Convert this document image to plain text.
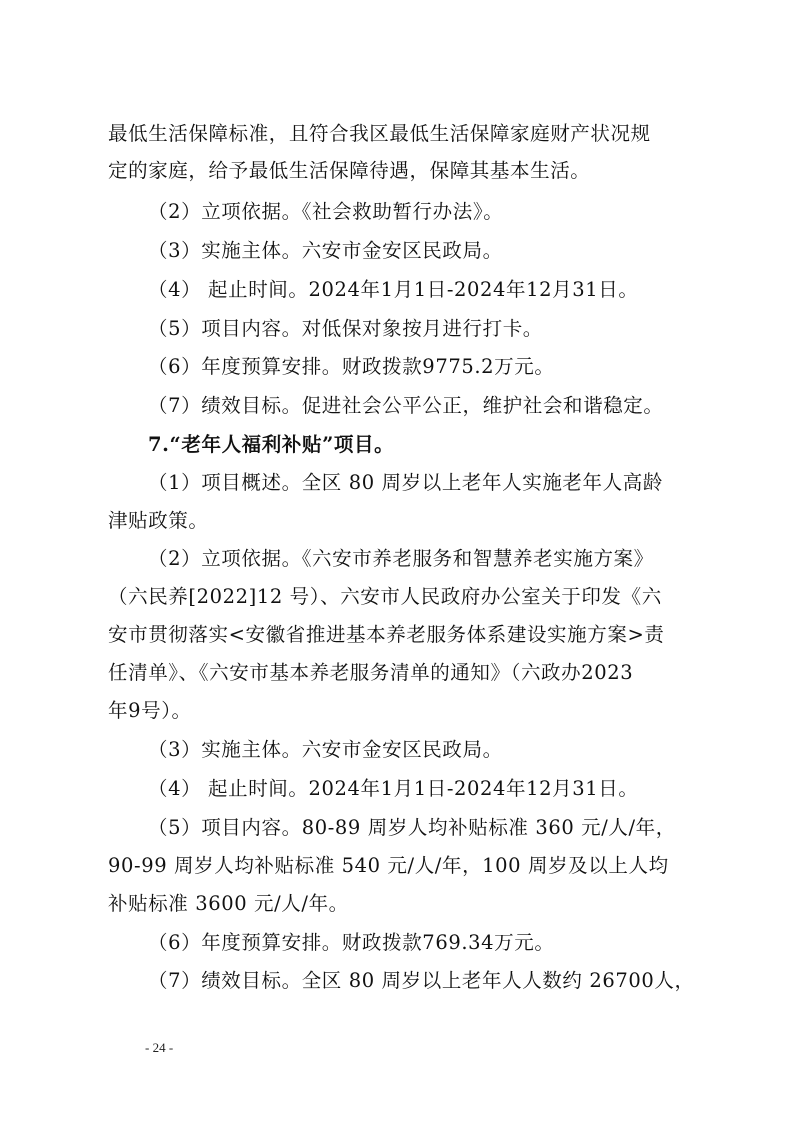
最低生活保障标准，且符合我区最低生活保障家庭财产状况规
定的家庭，给予最低生活保障待遇，保障其基本生活。
（2）立项依据。《社会救助暂行办法》。
（3）实施主体。六安市金安区民政局。
（4） 起止时间。2024年1月1日-2024年12月31日。
（5）项目内容。对低保对象按月进行打卡。
（6）年度预算安排。财政拨款9775.2万元。
（7）绩效目标。促进社会公平公正，维护社会和谐稳定。
7.“老年人福利补贴”项目。
（1）项目概述。全区 80 周岁以上老年人实施老年人高龄
津贴政策。
（2）立项依据。《六安市养老服务和智慧养老实施方案》
（六民养[2022]12 号）、六安市人民政府办公室关于印发《六
安市贯彻落实<安徽省推进基本养老服务体系建设实施方案>责
任清单》、《六安市基本养老服务清单的通知》（六政办2023
年9号）。
（3）实施主体。六安市金安区民政局。
（4） 起止时间。2024年1月1日-2024年12月31日。
（5）项目内容。80-89 周岁人均补贴标准 360 元/人/年，
90-99 周岁人均补贴标准 540 元/人/年，100 周岁及以上人均
补贴标准 3600 元/人/年。
（6）年度预算安排。财政拨款769.34万元。
（7）绩效目标。全区 80 周岁以上老年人人数约 26700人，
- 24 -
